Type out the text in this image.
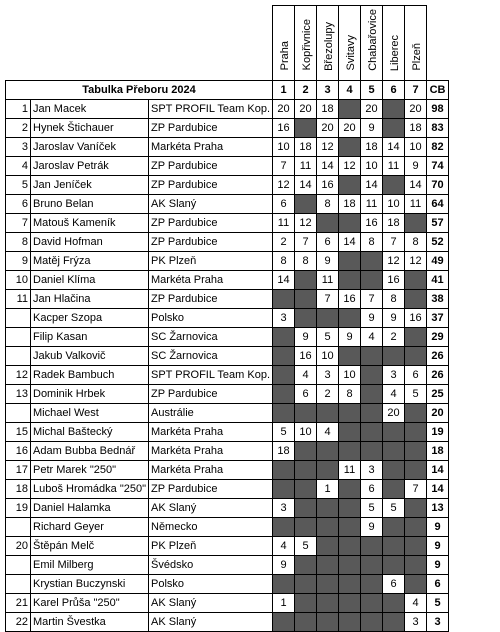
			Praha	Kopřivnice	Březolupy	Svitavy	Chabařovice	Liberec	Plzeň	
Tabulka Přeboru 2024			1	2	3	4	5	6	7	CB
1	Jan Macek	SPT PROFIL Team Kop.	20	20	18		20		20	98
2	Hynek Štichauer	ZP Pardubice	16		20	20	9		18	83
3	Jaroslav Vaníček	Markéta Praha	10	18	12		18	14	10	82
4	Jaroslav Petrák	ZP Pardubice	7	11	14	12	10	11	9	74
5	Jan Jeníček	ZP Pardubice	12	14	16		14		14	70
6	Bruno Belan	AK Slaný	6		8	18	11	10	11	64
7	Matouš Kameník	ZP Pardubice	11	12			16	18		57
8	David Hofman	ZP Pardubice	2	7	6	14	8	7	8	52
9	Matěj Frýza	PK Plzeň	8	8	9			12	12	49
10	Daniel Klíma	Markéta Praha	14		11			16		41
11	Jan Hlačina	ZP Pardubice			7	16	7	8		38
	Kacper Szopa	Polsko	3				9	9	16	37
	Filip Kasan	SC Žarnovica		9	5	9	4	2		29
	Jakub Valkovič	SC Žarnovica		16	10					26
12	Radek Bambuch	SPT PROFIL Team Kop.		4	3	10		3	6	26
13	Dominik Hrbek	ZP Pardubice		6	2	8		4	5	25
	Michael West	Austrálie						20		20
15	Michal Baštecký	Markéta Praha	5	10	4					19
16	Adam Bubba Bednář	Markéta Praha	18							18
17	Petr Marek "250"	Markéta Praha				11	3			14
18	Luboš Hromádka "250"	ZP Pardubice			1		6		7	14
19	Daniel Halamka	AK Slaný	3				5	5		13
	Richard Geyer	Německo					9			9
20	Štěpán Melč	PK Plzeň	4	5						9
	Emil Milberg	Švédsko	9							9
	Krystian Buczynski	Polsko						6		6
21	Karel Průša "250"	AK Slaný	1						4	5
22	Martin Švestka	AK Slaný							3	3
